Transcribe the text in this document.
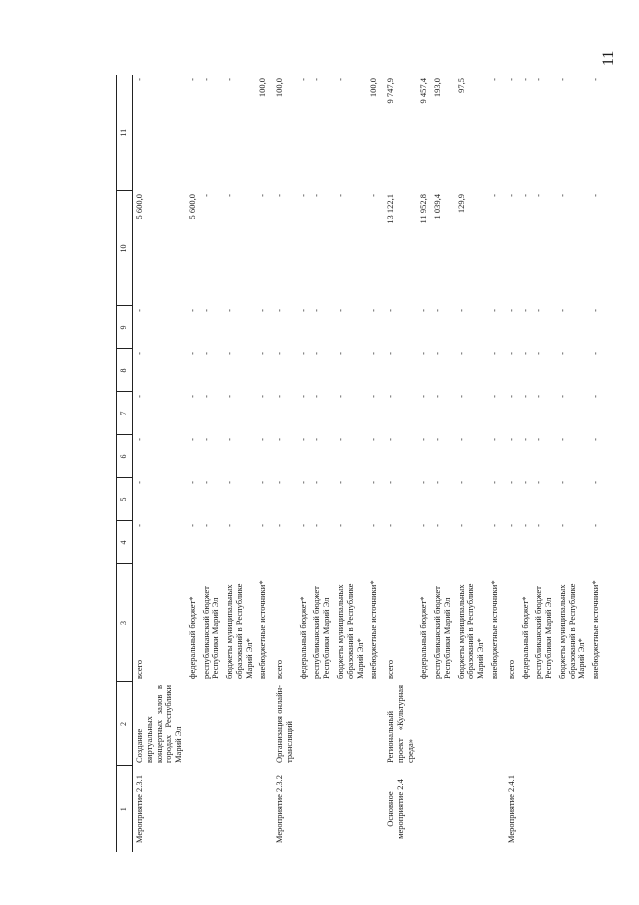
11
1	2	3	4	5	6	7	8	9	10	11
Мероприятие 2.3.1	Создание виртуальных концертных залов в городах Республики Марий Эл	всего	-	-	-	-	-	-	5 600,0	-
		федеральный бюджет*	-	-	-	-	-	-	5 600,0	-
		республиканский бюджет Республики Марий Эл	-	-	-	-	-	-	-	-
		бюджеты муниципальных образований в Республике Марий Эл*	-	-	-	-	-	-	-	-
		внебюджетные источники*	-	-	-	-	-	-	-	100,0
Мероприятие 2.3.2	Организация онлайн-трансляций	всего	-	-	-	-	-	-	-	100,0
		федеральный бюджет*	-	-	-	-	-	-	-	-
		республиканский бюджет Республики Марий Эл	-	-	-	-	-	-	-	-
		бюджеты муниципальных образований в Республике Марий Эл*	-	-	-	-	-	-	-	-
		внебюджетные источники*	-	-	-	-	-	-	-	100,0
Основное мероприятие 2.4	Региональный проект «Культурная среда»	всего	-	-	-	-	-	-	13 122,1	9 747,9
		федеральный бюджет*	-	-	-	-	-	-	11 952,8	9 457,4
		республиканский бюджет Республики Марий Эл	-	-	-	-	-	-	1 039,4	193,0
		бюджеты муниципальных образований в Республике Марий Эл*	-	-	-	-	-	-	129,9	97,5
		внебюджетные источники*	-	-	-	-	-	-	-	-
Мероприятие 2.4.1		всего	-	-	-	-	-	-	-	-
		федеральный бюджет*	-	-	-	-	-	-	-	-
		республиканский бюджет Республики Марий Эл	-	-	-	-	-	-	-	-
		бюджеты муниципальных образований в Республике Марий Эл*	-	-	-	-	-	-	-	-
		внебюджетные источники*	-	-	-	-	-	-	-	-
